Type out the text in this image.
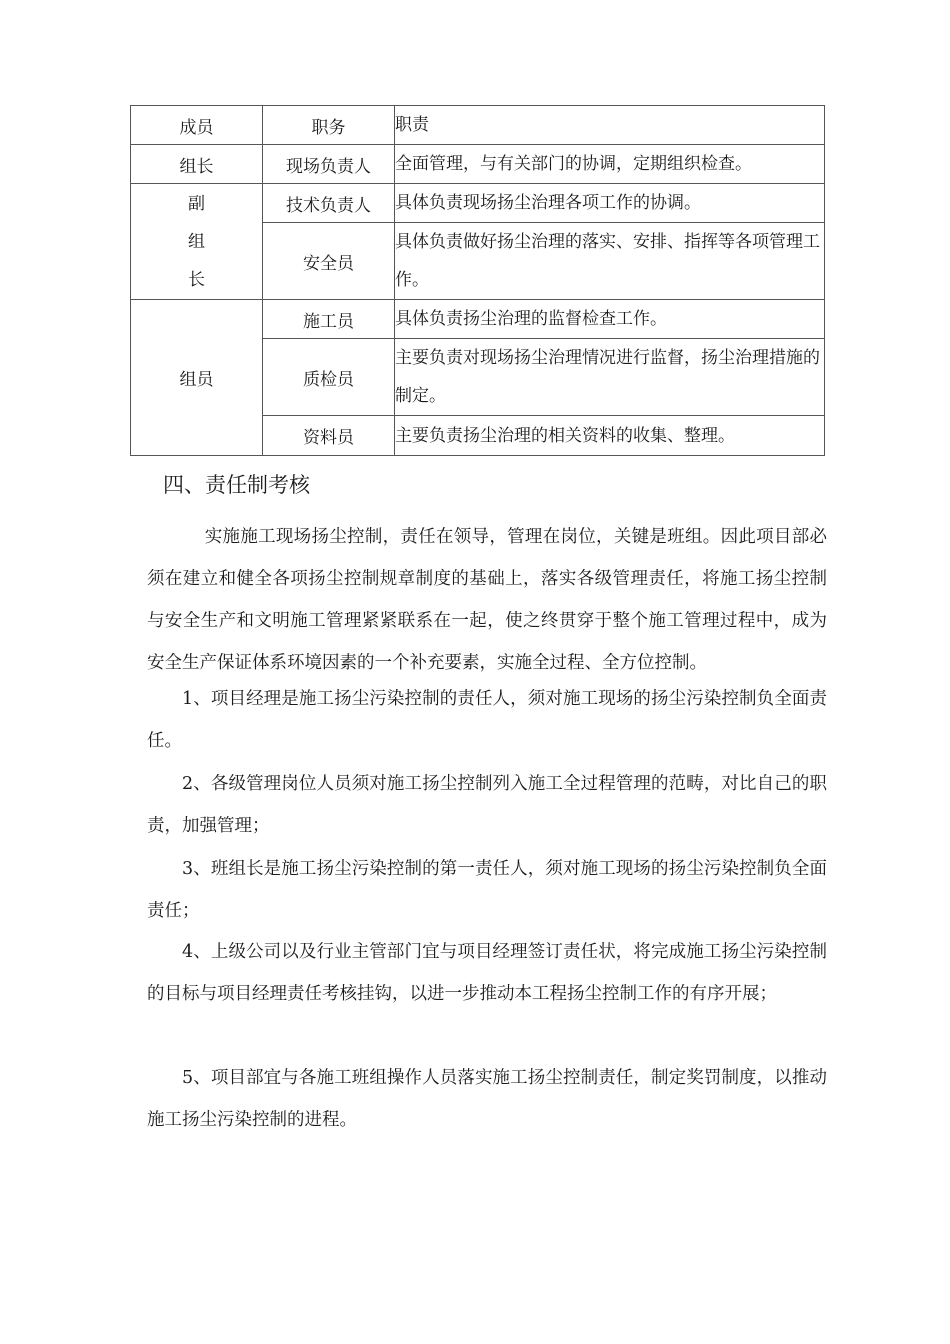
成员	职务	职责
组长	现场负责人	全面管理，与有关部门的协调，定期组织检查。

副
组
长	技术负责人	具体负责现场扬尘治理各项工作的协调。
	安全员	具体负责做好扬尘治理的落实、安排、指挥等各项管理工作。
组员	施工员	具体负责扬尘治理的监督检查工作。
	质检员	主要负责对现场扬尘治理情况进行监督，扬尘治理措施的制定。
	资料员	主要负责扬尘治理的相关资料的收集、整理。
四、责任制考核

实施施工现场扬尘控制，责任在领导，管理在岗位，关键是班组。因此项目部必须在建立和健全各项扬尘控制规章制度的基础上，落实各级管理责任，将施工扬尘控制与安全生产和文明施工管理紧紧联系在一起，使之终贯穿于整个施工管理过程中，成为安全生产保证体系环境因素的一个补充要素，实施全过程、全方位控制。

1、项目经理是施工扬尘污染控制的责任人，须对施工现场的扬尘污染控制负全面责任。

2、各级管理岗位人员须对施工扬尘控制列入施工全过程管理的范畴，对比自己的职责，加强管理；

3、班组长是施工扬尘污染控制的第一责任人，须对施工现场的扬尘污染控制负全面责任；

4、上级公司以及行业主管部门宜与项目经理签订责任状，将完成施工扬尘污染控制的目标与项目经理责任考核挂钩，以进一步推动本工程扬尘控制工作的有序开展；

5、项目部宜与各施工班组操作人员落实施工扬尘控制责任，制定奖罚制度，以推动施工扬尘污染控制的进程。
